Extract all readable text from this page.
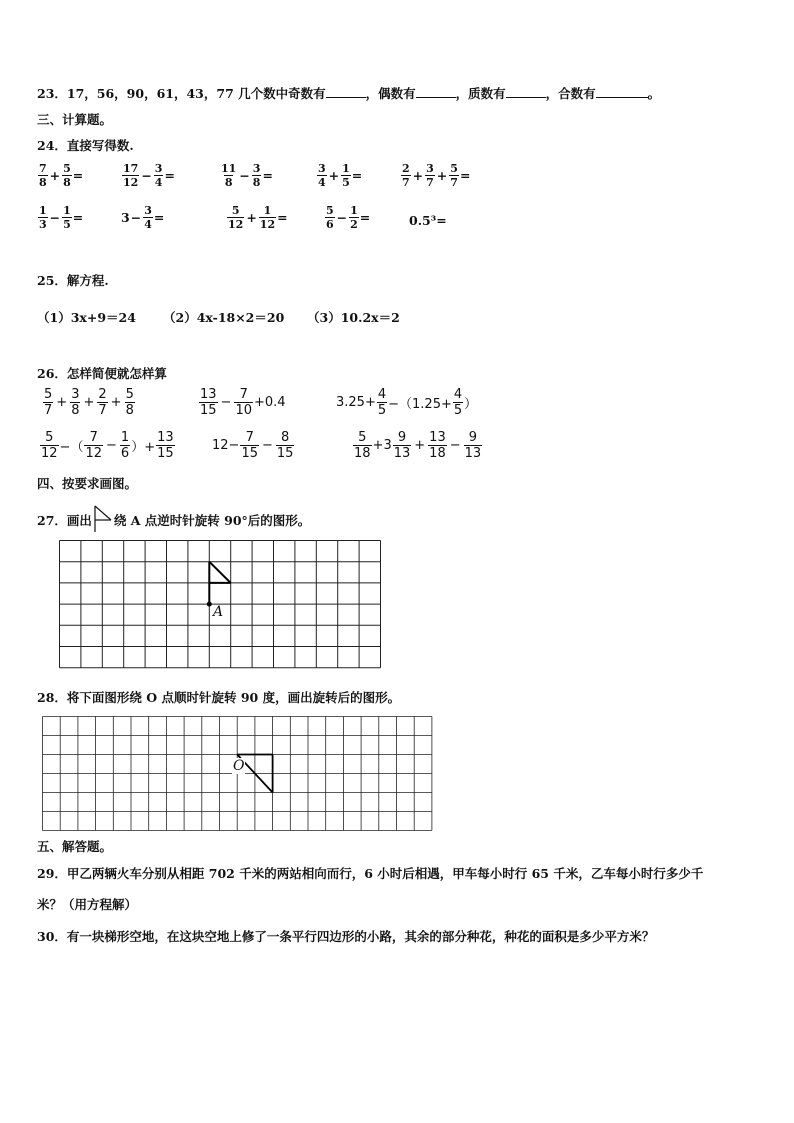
23．17，56，90，61，43，77 几个数中奇数有	，偶数有	，质数有	，合数有	。
三、计算题。
24．直接写得数.
$\frac{7}{8} + \frac{5}{8}$ =	$\frac{17}{12} - \frac{3}{4}$ =	$\frac{11}{8} - \frac{3}{8}$ =	$\frac{3}{4} + \frac{1}{5}$ =	$\frac{2}{7} + \frac{3}{7} + \frac{5}{7}$ =
$\frac{1}{3} - \frac{1}{5}$ =	$3 - \frac{3}{4}$ =	$\frac{5}{12} + \frac{1}{12}$ =	$\frac{5}{6} - \frac{1}{2}$ =	0.5³=
25．解方程.
（1）3x+9＝24 （2）4x-18×2＝20 （3）10.2x＝2
26．怎样简便就怎样算
$\frac{5}{7} + \frac{3}{8} + \frac{2}{7} + \frac{5}{8}$	$\frac{13}{15} - \frac{7}{10} +0.4$	$3.25+ \frac{4}{5} -(1.25+ \frac{4}{5}$ ）
$\frac{5}{12}$ −（ $\frac{7}{12} - \frac{1}{6}$ ）+ $\frac{13}{15}$	$12- \frac{7}{15} - \frac{8}{15}$	$\frac{5}{18} +3 \frac{9}{13} + \frac{13}{18} - \frac{9}{13}$
四、按要求画图。
27．画出 绕 A 点逆时针旋转 90°后的图形。
A
28．将下面图形绕 O 点顺时针旋转 90 度，画出旋转后的图形。
O
五、解答题。
29．甲乙两辆火车分别从相距 702 千米的两站相向而行，6 小时后相遇，甲车每小时行 65 千米，乙车每小时行多少千
米？（用方程解）
30．有一块梯形空地，在这块空地上修了一条平行四边形的小路，其余的部分种花，种花的面积是多少平方米？
